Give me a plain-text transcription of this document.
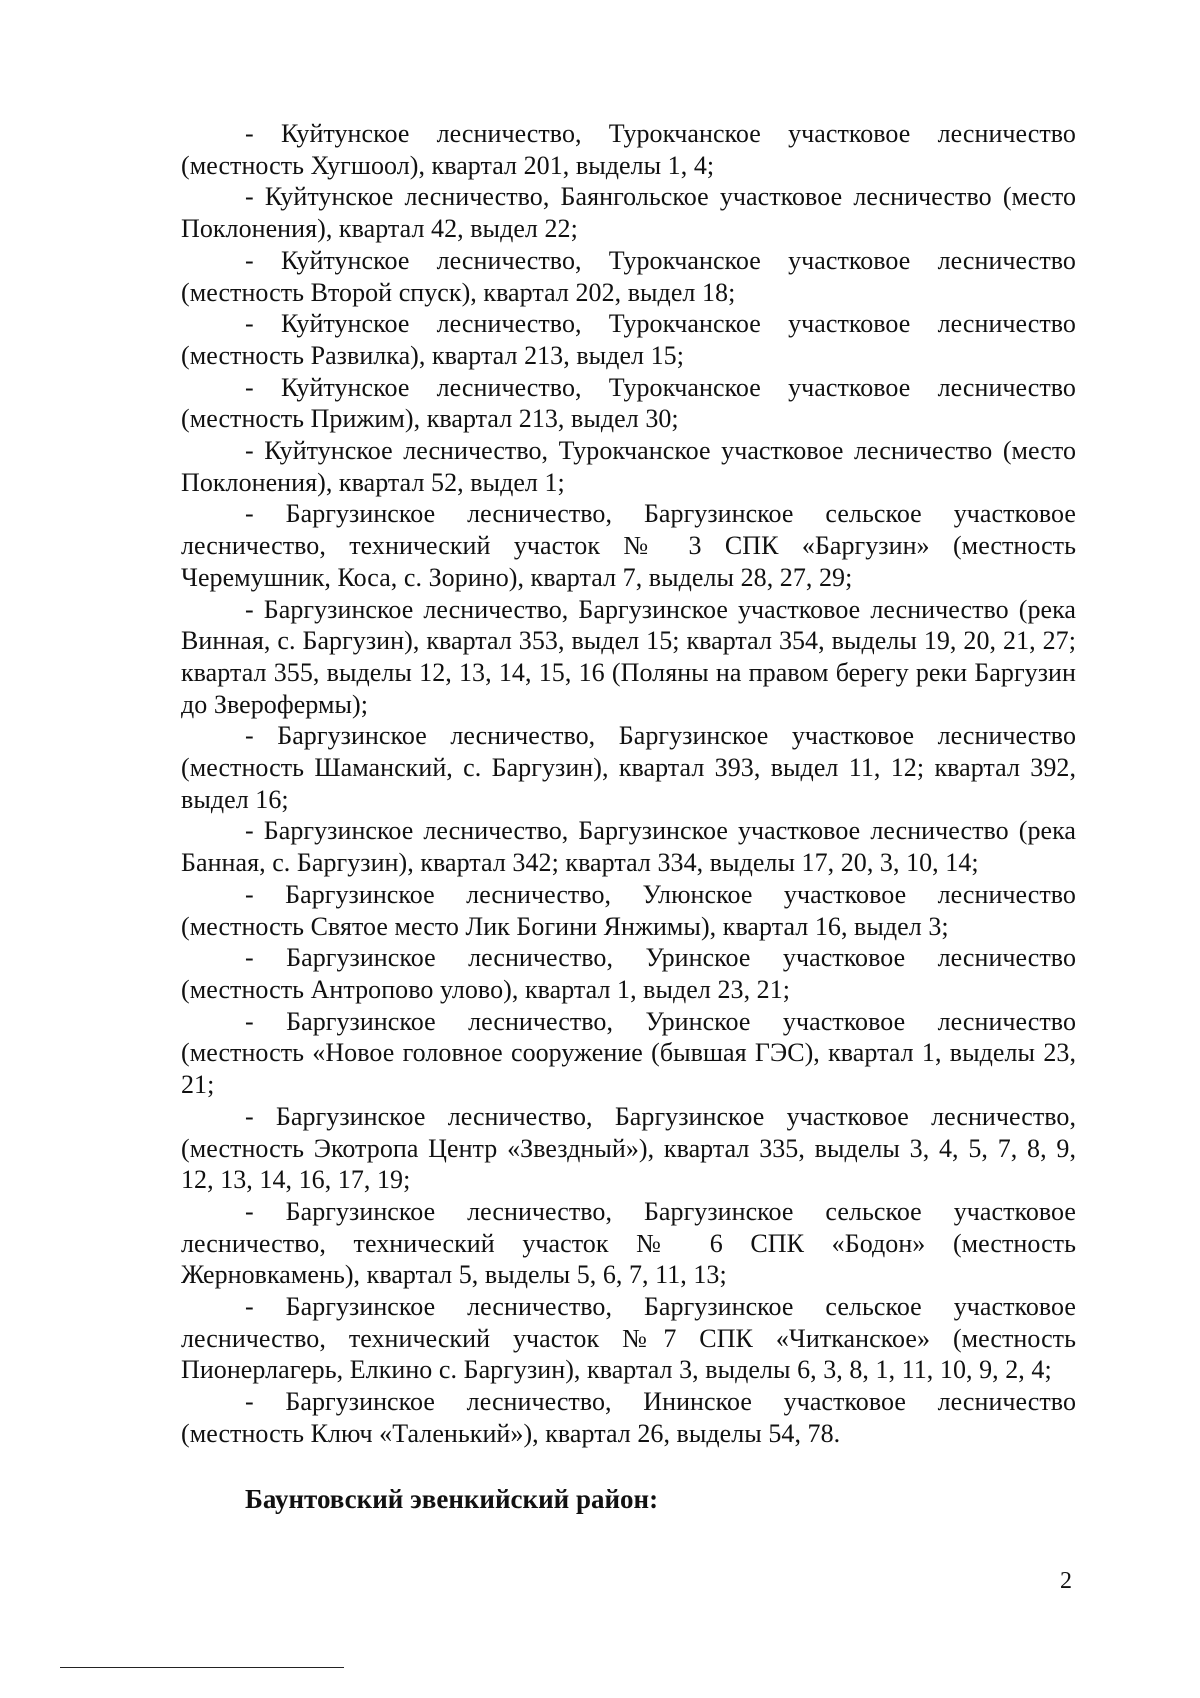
- Куйтунское лесничество, Турокчанское участковое лесничество (местность Хугшоол), квартал 201, выделы 1, 4;

- Куйтунское лесничество, Баянгольское участковое лесничество (место Поклонения), квартал 42, выдел 22;

- Куйтунское лесничество, Турокчанское участковое лесничество (местность Второй спуск), квартал 202, выдел 18;

- Куйтунское лесничество, Турокчанское участковое лесничество (местность Развилка), квартал 213, выдел 15;

- Куйтунское лесничество, Турокчанское участковое лесничество (местность Прижим), квартал 213, выдел 30;

- Куйтунское лесничество, Турокчанское участковое лесничество (место Поклонения), квартал 52, выдел 1;

- Баргузинское лесничество, Баргузинское сельское участковое лесничество, технический участок № 3 СПК «Баргузин» (местность Черемушник, Коса, с. Зорино), квартал 7, выделы 28, 27, 29;

- Баргузинское лесничество, Баргузинское участковое лесничество (река Винная, с. Баргузин), квартал 353, выдел 15; квартал 354, выделы 19, 20, 21, 27; квартал 355, выделы 12, 13, 14, 15, 16 (Поляны на правом берегу реки Баргузин до Зверофермы);

- Баргузинское лесничество, Баргузинское участковое лесничество (местность Шаманский, с. Баргузин), квартал 393, выдел 11, 12; квартал 392, выдел 16;

- Баргузинское лесничество, Баргузинское участковое лесничество (река Банная, с. Баргузин), квартал 342; квартал 334, выделы 17, 20, 3, 10, 14;

- Баргузинское лесничество, Улюнское участковое лесничество (местность Святое место Лик Богини Янжимы), квартал 16, выдел 3;

- Баргузинское лесничество, Уринское участковое лесничество (местность Антропово улово), квартал 1, выдел 23, 21;

- Баргузинское лесничество, Уринское участковое лесничество (местность «Новое головное сооружение (бывшая ГЭС), квартал 1, выделы 23, 21;

- Баргузинское лесничество, Баргузинское участковое лесничество, (местность Экотропа Центр «Звездный»), квартал 335, выделы 3, 4, 5, 7, 8, 9, 12, 13, 14, 16, 17, 19;

- Баргузинское лесничество, Баргузинское сельское участковое лесничество, технический участок № 6 СПК «Бодон» (местность Жерновкамень), квартал 5, выделы 5, 6, 7, 11, 13;

- Баргузинское лесничество, Баргузинское сельское участковое лесничество, технический участок №7 СПК «Читканское» (местность Пионерлагерь, Елкино с. Баргузин), квартал 3, выделы 6, 3, 8, 1, 11, 10, 9, 2, 4;

- Баргузинское лесничество, Ининское участковое лесничество (местность Ключ «Таленький»), квартал 26, выделы 54, 78.

Баунтовский эвенкийский район:

2
